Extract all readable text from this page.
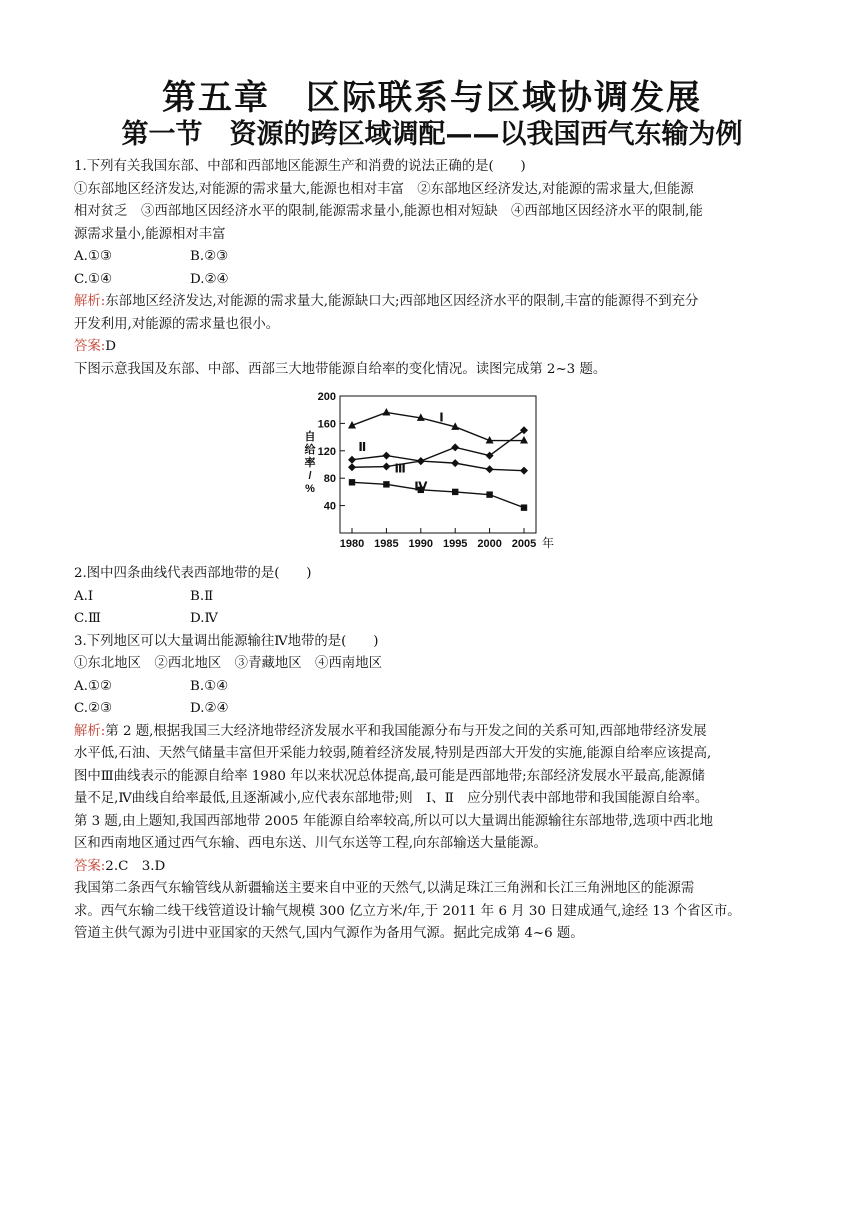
第五章　区际联系与区域协调发展
第一节　资源的跨区域调配——以我国西气东输为例
1.下列有关我国东部、中部和西部地区能源生产和消费的说法正确的是(　　)
①东部地区经济发达,对能源的需求量大,能源也相对丰富　②东部地区经济发达,对能源的需求量大,但能源
相对贫乏　③西部地区因经济水平的限制,能源需求量小,能源也相对短缺　④西部地区因经济水平的限制,能
源需求量小,能源相对丰富
A.①③	B.②③
C.①④	D.②④
解析:东部地区经济发达,对能源的需求量大,能源缺口大;西部地区因经济水平的限制,丰富的能源得不到充分
开发利用,对能源的需求量也很小。
答案:D
下图示意我国及东部、中部、西部三大地带能源自给率的变化情况。读图完成第 2~3 题。
40
80
120
160
200
1980 1985 1990 1995 2000 2005 年
自
给
率
/
%
Ⅰ
Ⅱ
Ⅲ
Ⅳ
2.图中四条曲线代表西部地带的是(　　)
A.Ⅰ	B.Ⅱ
C.Ⅲ	D.Ⅳ
3.下列地区可以大量调出能源输往Ⅳ地带的是(　　)
①东北地区　②西北地区　③青藏地区　④西南地区
A.①②	B.①④
C.②③	D.②④
解析:第 2 题,根据我国三大经济地带经济发展水平和我国能源分布与开发之间的关系可知,西部地带经济发展
水平低,石油、天然气储量丰富但开采能力较弱,随着经济发展,特别是西部大开发的实施,能源自给率应该提高,
图中Ⅲ曲线表示的能源自给率 1980 年以来状况总体提高,最可能是西部地带;东部经济发展水平最高,能源储
量不足,Ⅳ曲线自给率最低,且逐渐减小,应代表东部地带;则　Ⅰ、Ⅱ　应分别代表中部地带和我国能源自给率。
第 3 题,由上题知,我国西部地带 2005 年能源自给率较高,所以可以大量调出能源输往东部地带,选项中西北地
区和西南地区通过西气东输、西电东送、川气东送等工程,向东部输送大量能源。
答案:2.C　3.D
我国第二条西气东输管线从新疆输送主要来自中亚的天然气,以满足珠江三角洲和长江三角洲地区的能源需
求。西气东输二线干线管道设计输气规模 300 亿立方米/年,于 2011 年 6 月 30 日建成通气,途经 13 个省区市。
管道主供气源为引进中亚国家的天然气,国内气源作为备用气源。据此完成第 4~6 题。
